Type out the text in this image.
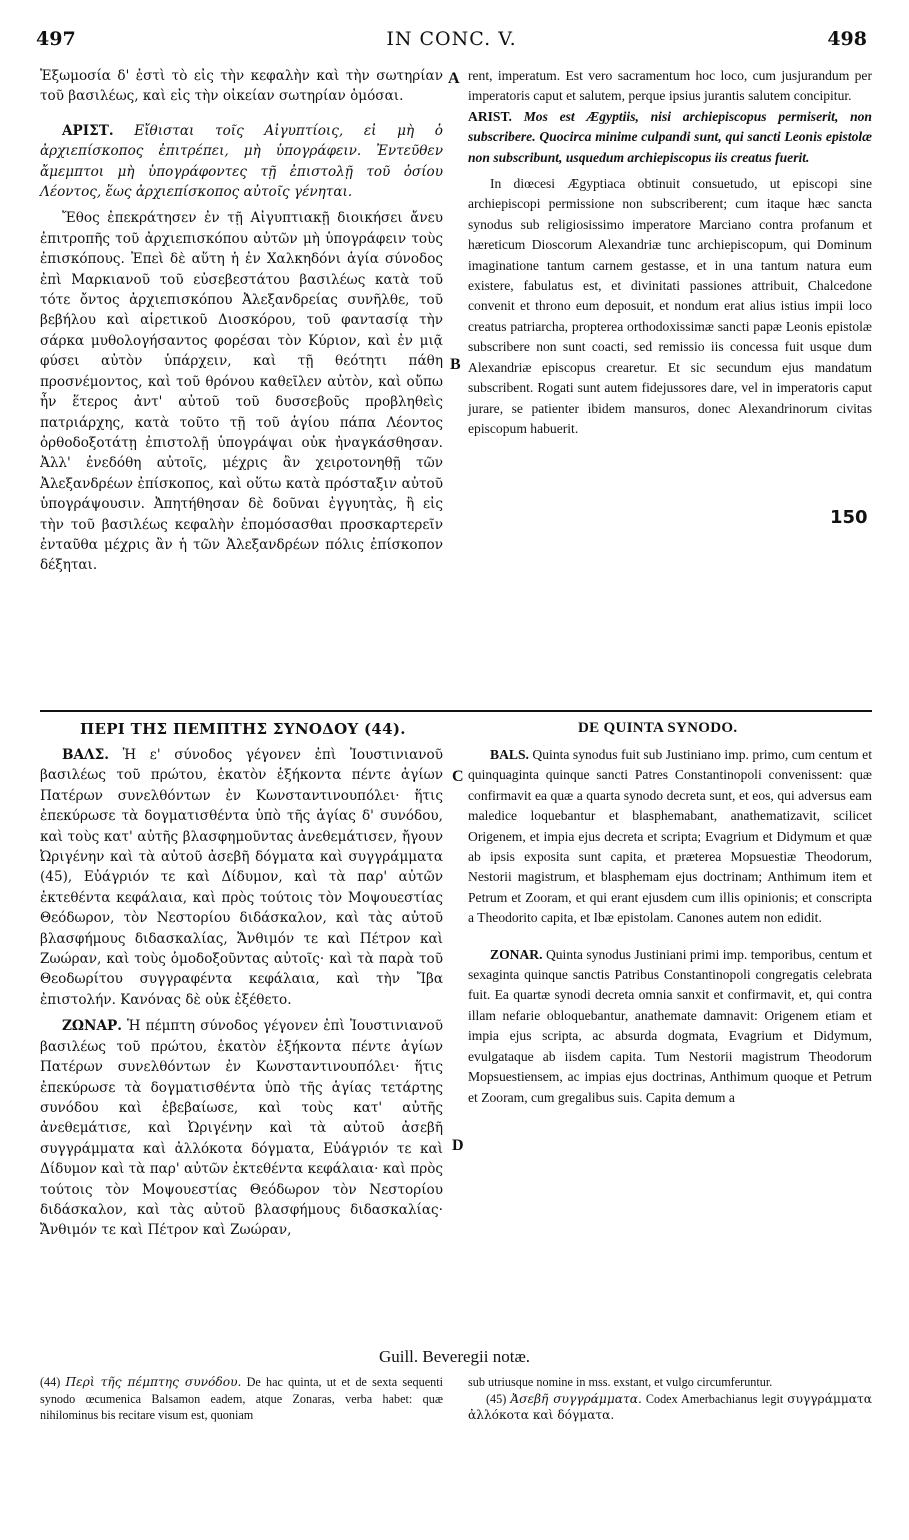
497	IN CONC. V.	498

Ἐξωμοσία δ' ἐστὶ τὸ εἰς τὴν κεφαλὴν καὶ τὴν σωτηρίαν τοῦ βασιλέως, καὶ εἰς τὴν οἰκείαν σωτηρίαν ὀμόσαι.

ΑΡΙΣΤ. Εἴθισται τοῖς Αἰγυπτίοις, εἰ μὴ ὁ ἀρχιεπίσκοπος ἐπιτρέπει, μὴ ὑπογράφειν. Ἐντεῦθεν ἄμεμπτοι μὴ ὑπογράφοντες τῇ ἐπιστολῇ τοῦ ὁσίου Λέοντος, ἕως ἀρχιεπίσκοπος αὐτοῖς γένηται.

Ἔθος ἐπεκράτησεν ἐν τῇ Αἰγυπτιακῇ διοικήσει ἄνευ ἐπιτροπῆς τοῦ ἀρχιεπισκόπου αὐτῶν μὴ ὑπογράφειν τοὺς ἐπισκόπους. Ἐπεὶ δὲ αὕτη ἡ ἐν Χαλκηδόνι ἁγία σύνοδος ἐπὶ Μαρκιανοῦ τοῦ εὐσεβεστάτου βασιλέως κατὰ τοῦ τότε ὄντος ἀρχιεπισκόπου Ἀλεξανδρείας συνῆλθε, τοῦ βεβήλου καὶ αἱρετικοῦ Διοσκόρου, τοῦ φαντασίᾳ τὴν σάρκα μυθολογήσαντος φορέσαι τὸν Κύριον, καὶ ἐν μιᾷ φύσει αὐτὸν ὑπάρχειν, καὶ τῇ θεότητι πάθη προσνέμοντος, καὶ τοῦ θρόνου καθεῖλεν αὐτὸν, καὶ οὔπω ἦν ἕτερος ἀντ' αὐτοῦ τοῦ δυσσεβοῦς προβληθεὶς πατριάρχης, κατὰ τοῦτο τῇ τοῦ ἁγίου πάπα Λέοντος ὀρθοδοξοτάτῃ ἐπιστολῇ ὑπογράψαι οὐκ ἠναγκάσθησαν. Ἀλλ' ἐνεδόθη αὐτοῖς, μέχρις ἂν χειροτονηθῇ τῶν Ἀλεξανδρέων ἐπίσκοπος, καὶ οὕτω κατὰ πρόσταξιν αὐτοῦ ὑπογράψουσιν. Ἀπητήθησαν δὲ δοῦναι ἐγγυητὰς, ἢ εἰς τὴν τοῦ βασιλέως κεφαλὴν ἐπομόσασθαι προσκαρτερεῖν ἐνταῦθα μέχρις ἂν ἡ τῶν Ἀλεξανδρέων πόλις ἐπίσκοπον δέξηται.

rent, imperatum. Est vero sacramentum hoc loco, cum jusjurandum per imperatoris caput et salutem, perque ipsius jurantis salutem concipitur.

ARIST. Mos est Ægyptiis, nisi archiepiscopus permiserit, non subscribere. Quocirca minime culpandi sunt, qui sancti Leonis epistolæ non subscribunt, usquedum archiepiscopus iis creatus fuerit.

In diœcesi Ægyptiaca obtinuit consuetudo, ut episcopi sine archiepiscopi permissione non subscriberent; cum itaque hæc sancta synodus sub religiosissimo imperatore Marciano contra profanum et hæreticum Dioscorum Alexandriæ tunc archiepiscopum, qui Dominum imaginatione tantum carnem gestasse, et in una tantum natura eum existere, fabulatus est, et divinitati passiones attribuit, Chalcedone convenit et throno eum deposuit, et nondum erat alius istius impii loco creatus patriarcha, propterea orthodoxissimæ sancti papæ Leonis epistolæ subscribere non sunt coacti, sed remissio iis concessa fuit usque dum Alexandriæ episcopus crearetur. Et sic secundum ejus mandatum subscribent. Rogati sunt autem fidejussores dare, vel in imperatoris caput jurare, se patienter ibidem mansuros, donec Alexandrinorum civitas episcopum habuerit.

A
B
150
ΠΕΡΙ ΤΗΣ ΠΕΜΠΤΗΣ ΣΥΝΟΔΟΥ (44).	DE QUINTA SYNODO.

ΒΑΛΣ. Ἡ ε' σύνοδος γέγονεν ἐπὶ Ἰουστινιανοῦ βασιλέως τοῦ πρώτου, ἑκατὸν ἑξήκοντα πέντε ἁγίων Πατέρων συνελθόντων ἐν Κωνσταντινουπόλει· ἥτις ἐπεκύρωσε τὰ δογματισθέντα ὑπὸ τῆς ἁγίας δ' συνόδου, καὶ τοὺς κατ' αὐτῆς βλασφημοῦντας ἀνεθεμάτισεν, ἤγουν Ὠριγένην καὶ τὰ αὐτοῦ ἀσεβῆ δόγματα καὶ συγγράμματα (45), Εὐάγριόν τε καὶ Δίδυμον, καὶ τὰ παρ' αὐτῶν ἐκτεθέντα κεφάλαια, καὶ πρὸς τούτοις τὸν Μοψουεστίας Θεόδωρον, τὸν Νεστορίου διδάσκαλον, καὶ τὰς αὐτοῦ βλασφήμους διδασκαλίας, Ἄνθιμόν τε καὶ Πέτρον καὶ Ζωώραν, καὶ τοὺς ὁμοδοξοῦντας αὐτοῖς· καὶ τὰ παρὰ τοῦ Θεοδωρίτου συγγραφέντα κεφάλαια, καὶ τὴν Ἴβα ἐπιστολήν. Κανόνας δὲ οὐκ ἐξέθετο.

ΖΩΝΑΡ. Ἡ πέμπτη σύνοδος γέγονεν ἐπὶ Ἰουστινιανοῦ βασιλέως τοῦ πρώτου, ἑκατὸν ἑξήκοντα πέντε ἁγίων Πατέρων συνελθόντων ἐν Κωνσταντινουπόλει· ἥτις ἐπεκύρωσε τὰ δογματισθέντα ὑπὸ τῆς ἁγίας τετάρτης συνόδου καὶ ἐβεβαίωσε, καὶ τοὺς κατ' αὐτῆς ἀνεθεμάτισε, καὶ Ὠριγένην καὶ τὰ αὐτοῦ ἀσεβῆ συγγράμματα καὶ ἀλλόκοτα δόγματα, Εὐάγριόν τε καὶ Δίδυμον καὶ τὰ παρ' αὐτῶν ἐκτεθέντα κεφάλαια· καὶ πρὸς τούτοις τὸν Μοψουεστίας Θεόδωρον τὸν Νεστορίου διδάσκαλον, καὶ τὰς αὐτοῦ βλασφήμους διδασκαλίας· Ἄνθιμόν τε καὶ Πέτρον καὶ Ζωώραν,

BALS. Quinta synodus fuit sub Justiniano imp. primo, cum centum et quinquaginta quinque sancti Patres Constantinopoli convenissent: quæ confirmavit ea quæ a quarta synodo decreta sunt, et eos, qui adversus eam maledice loquebantur et blasphemabant, anathematizavit, scilicet Origenem, et impia ejus decreta et scripta; Evagrium et Didymum et quæ ab ipsis exposita sunt capita, et præterea Mopsuestiæ Theodorum, Nestorii magistrum, et blasphemam ejus doctrinam; Anthimum item et Petrum et Zooram, et qui erant ejusdem cum illis opinionis; et conscripta a Theodorito capita, et Ibæ epistolam. Canones autem non edidit.

ZONAR. Quinta synodus Justiniani primi imp. temporibus, centum et sexaginta quinque sanctis Patribus Constantinopoli congregatis celebrata fuit. Ea quartæ synodi decreta omnia sanxit et confirmavit, et, qui contra illam nefarie obloquebantur, anathemate damnavit: Origenem etiam et impia ejus scripta, ac absurda dogmata, Evagrium et Didymum, evulgataque ab iisdem capita. Tum Nestorii magistrum Theodorum Mopsuestiensem, ac impias ejus doctrinas, Anthimum quoque et Petrum et Zooram, cum gregalibus suis. Capita demum a

C
D
Guill. Beveregii notæ.
(44) Περὶ τῆς πέμπτης συνόδου. De hac quinta, ut et de sexta sequenti synodo œcumenica Balsamon eadem, atque Zonaras, verba habet: quæ nihilominus bis recitare visum est, quoniam
sub utriusque nomine in mss. exstant, et vulgo circumferuntur.
(45) Ἀσεβῆ συγγράμματα. Codex Amerbachianus legit συγγράμματα ἀλλόκοτα καὶ δόγματα.
